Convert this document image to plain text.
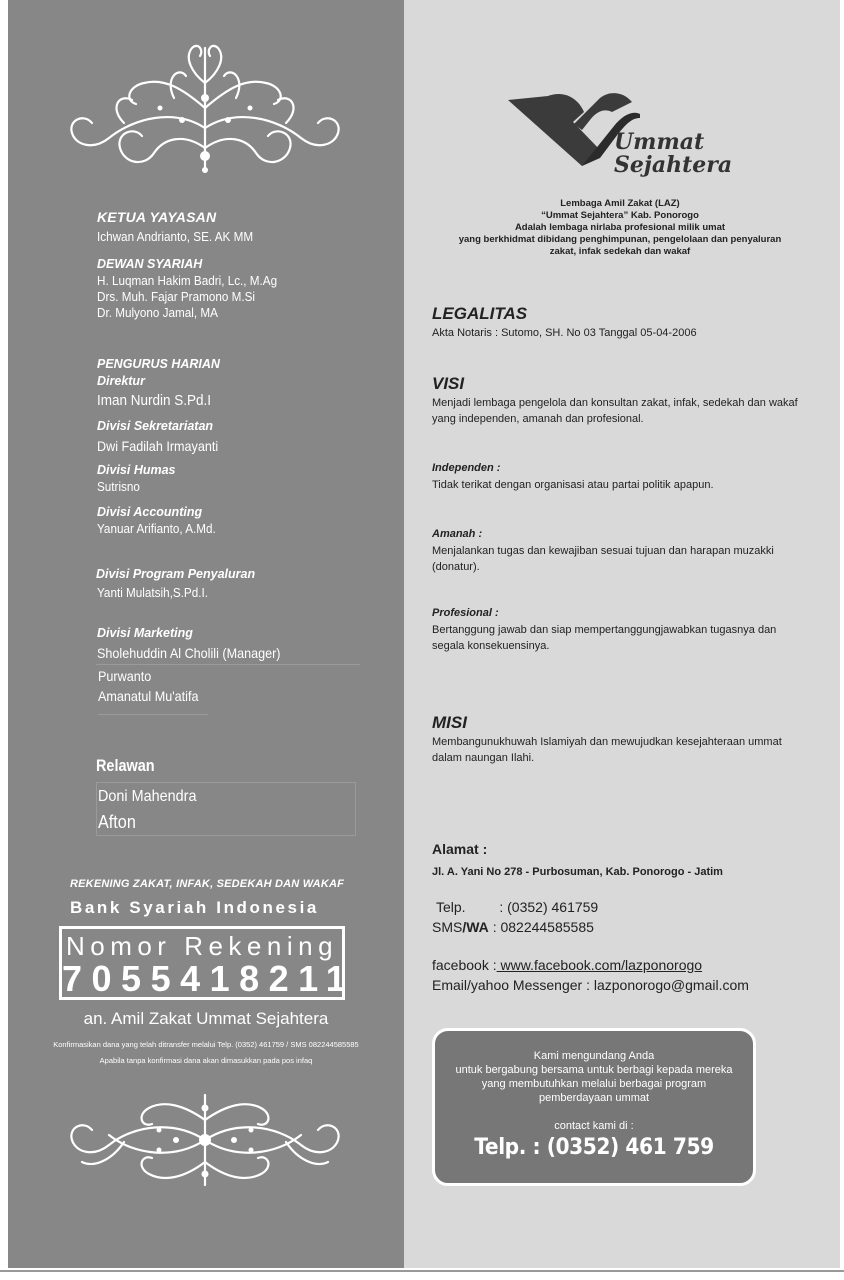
KETUA YAYASAN
Ichwan Andrianto, SE. AK MM
DEWAN SYARIAH
H. Luqman Hakim Badri, Lc., M.Ag
Drs. Muh. Fajar Pramono M.Si
Dr. Mulyono Jamal, MA
PENGURUS HARIAN
Direktur
Iman Nurdin S.Pd.I
Divisi Sekretariatan
Dwi Fadilah Irmayanti
Divisi Humas
Sutrisno
Divisi Accounting
Yanuar Arifianto, A.Md.
Divisi Program Penyaluran
Yanti Mulatsih,S.Pd.I.
Divisi Marketing
Sholehuddin Al Cholili (Manager)
Purwanto
Amanatul Mu'atifa
Relawan
Doni Mahendra
Afton
REKENING ZAKAT, INFAK, SEDEKAH DAN WAKAF
Bank Syariah Indonesia
Nomor Rekening
7055418211
an. Amil Zakat Ummat Sejahtera
Konfirmasikan dana yang telah ditransfer melalui Telp. (0352) 461759 / SMS 082244585585
Apabila tanpa konfirmasi dana akan dimasukkan pada pos infaq
Ummat
Sejahtera
Lembaga Amil Zakat (LAZ)
“Ummat Sejahtera” Kab. Ponorogo
Adalah lembaga nirlaba profesional milik umat
yang berkhidmat dibidang penghimpunan, pengelolaan dan penyaluran
zakat, infak sedekah dan wakaf
LEGALITAS
Akta Notaris : Sutomo, SH. No 03 Tanggal 05-04-2006
VISI
Menjadi lembaga pengelola dan konsultan zakat, infak, sedekah dan wakaf yang independen, amanah dan profesional.
Independen :
Tidak terikat dengan organisasi atau partai politik apapun.
Amanah :
Menjalankan tugas dan kewajiban sesuai tujuan dan harapan muzakki (donatur).
Profesional :
Bertanggung jawab dan siap mempertanggungjawabkan tugasnya dan segala konsekuensinya.
MISI
Membangunukhuwah Islamiyah dan mewujudkan kesejahteraan ummat dalam naungan Ilahi.
Alamat :
Jl. A. Yani No 278 - Purbosuman, Kab. Ponorogo - Jatim
Telp. : (0352) 461759
SMS/WA : 082244585585
facebook : www.facebook.com/lazponorogo
Email/yahoo Messenger : lazponorogo@gmail.com
Kami mengundang Anda
untuk bergabung bersama untuk berbagi kepada mereka
yang membutuhkan melalui berbagai program
pemberdayaan ummat
contact kami di :
Telp. : (0352) 461 759
